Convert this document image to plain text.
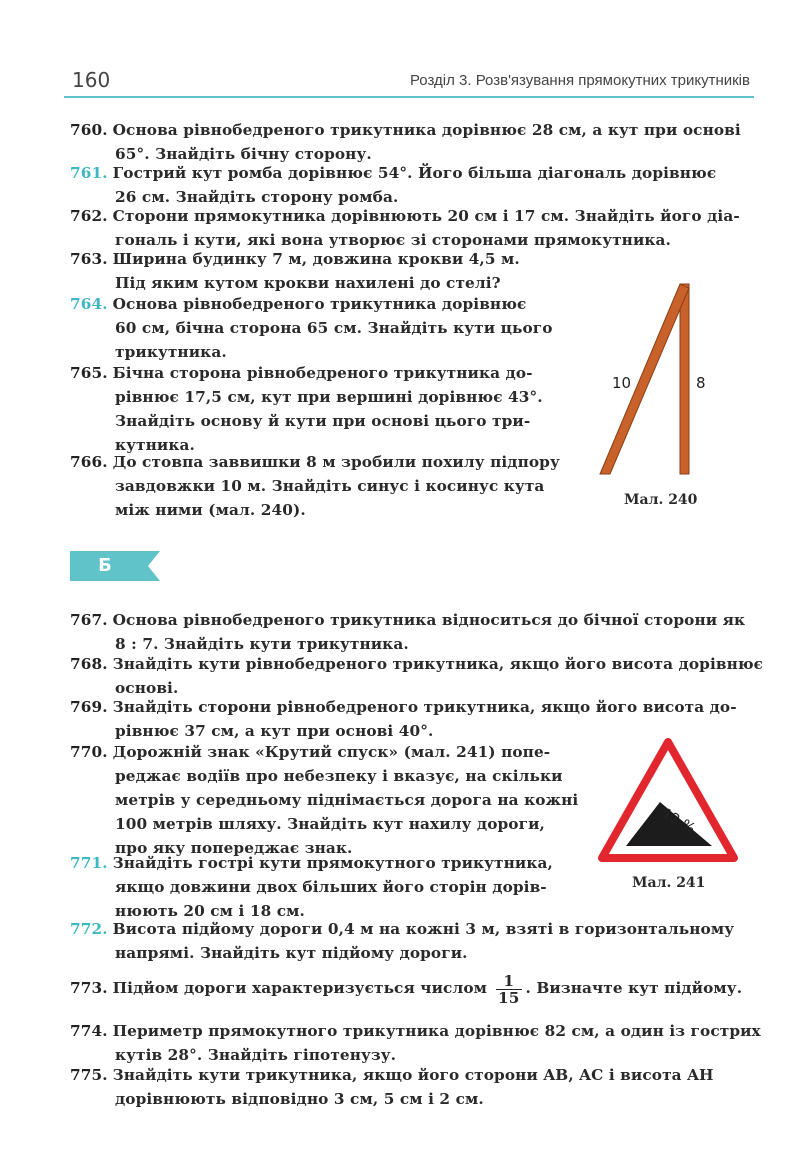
160	Розділ 3. Розв'язування прямокутних трикутників
760. Основа рівнобедреного трикутника дорівнює 28 см, а кут при основі
65°. Знайдіть бічну сторону.
761. Гострий кут ромба дорівнює 54°. Його більша діагональ дорівнює
26 см. Знайдіть сторону ромба.
762. Сторони прямокутника дорівнюють 20 см і 17 см. Знайдіть його діа-
гональ і кути, які вона утворює зі сторонами прямокутника.
763. Ширина будинку 7 м, довжина крокви 4,5 м.
Під яким кутом крокви нахилені до стелі?
764. Основа рівнобедреного трикутника дорівнює
60 см, бічна сторона 65 см. Знайдіть кути цього
трикутника.
765. Бічна сторона рівнобедреного трикутника до-
рівнює 17,5 см, кут при вершині дорівнює 43°.
Знайдіть основу й кути при основі цього три-
кутника.
766. До стовпа заввишки 8 м зробили похилу підпору
завдовжки 10 м. Знайдіть синус і косинус кута
між ними (мал. 240).
10	8
Мал. 240
Б
767. Основа рівнобедреного трикутника відноситься до бічної сторони як
8 : 7. Знайдіть кути трикутника.
768. Знайдіть кути рівнобедреного трикутника, якщо його висота дорівнює
основі.
769. Знайдіть сторони рівнобедреного трикутника, якщо його висота до-
рівнює 37 см, а кут при основі 40°.
770. Дорожній знак «Крутий спуск» (мал. 241) попе-
реджає водіїв про небезпеку і вказує, на скільки
метрів у середньому піднімається дорога на кожні
100 метрів шляху. Знайдіть кут нахилу дороги,
про яку попереджає знак.
771. Знайдіть гострі кути прямокутного трикутника,
якщо довжини двох більших його сторін дорів-
нюють 20 см і 18 см.
772. Висота підйому дороги 0,4 м на кожні 3 м, взяті в горизонтальному
напрямі. Знайдіть кут підйому дороги.
773. Підйом дороги характеризується числом $\frac{1}{15}$ . Визначте кут підйому.
774. Периметр прямокутного трикутника дорівнює 82 см, а один із гострих
кутів 28°. Знайдіть гіпотенузу.
775. Знайдіть кути трикутника, якщо його сторони AB, AC і висота AH
дорівнюють відповідно 3 см, 5 см і 2 см.
12 %
Мал. 241
